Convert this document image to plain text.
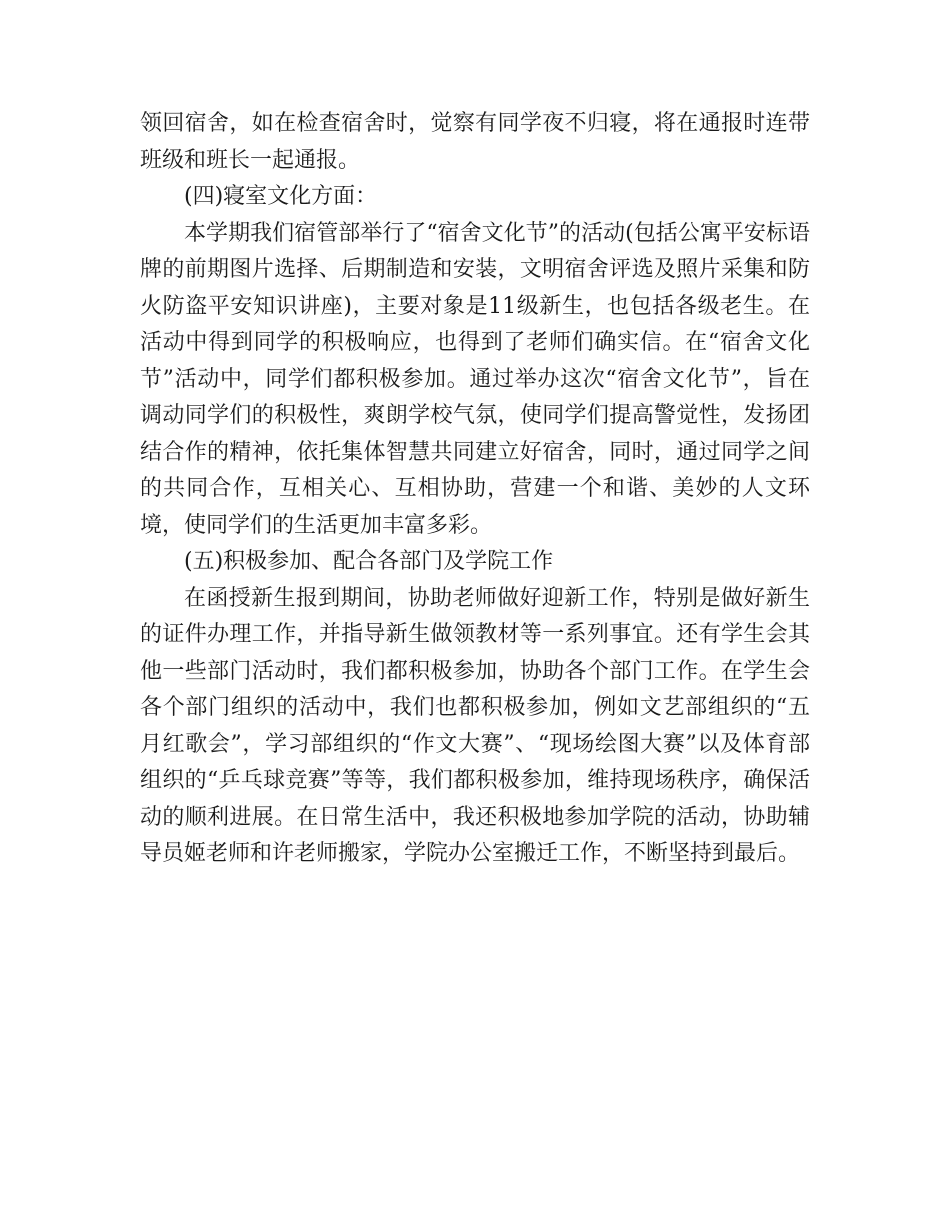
领回宿舍，如在检查宿舍时，觉察有同学夜不归寝，将在通报时连带班级和班长一起通报。

(四)寝室文化方面：

本学期我们宿管部举行了“宿舍文化节”的活动(包括公寓平安标语牌的前期图片选择、后期制造和安装，文明宿舍评选及照片采集和防火防盗平安知识讲座)，主要对象是11级新生，也包括各级老生。在活动中得到同学的积极响应，也得到了老师们确实信。在“宿舍文化节”活动中，同学们都积极参加。通过举办这次“宿舍文化节”，旨在调动同学们的积极性，爽朗学校气氛，使同学们提高警觉性，发扬团结合作的精神，依托集体智慧共同建立好宿舍，同时，通过同学之间的共同合作，互相关心、互相协助，营建一个和谐、美妙的人文环境，使同学们的生活更加丰富多彩。

(五)积极参加、配合各部门及学院工作

在函授新生报到期间，协助老师做好迎新工作，特别是做好新生的证件办理工作，并指导新生做领教材等一系列事宜。还有学生会其他一些部门活动时，我们都积极参加，协助各个部门工作。在学生会各个部门组织的活动中，我们也都积极参加，例如文艺部组织的“五月红歌会”，学习部组织的“作文大赛”、“现场绘图大赛”以及体育部组织的“乒乓球竞赛”等等，我们都积极参加，维持现场秩序，确保活动的顺利进展。在日常生活中，我还积极地参加学院的活动，协助辅导员姬老师和许老师搬家，学院办公室搬迁工作，不断坚持到最后。
